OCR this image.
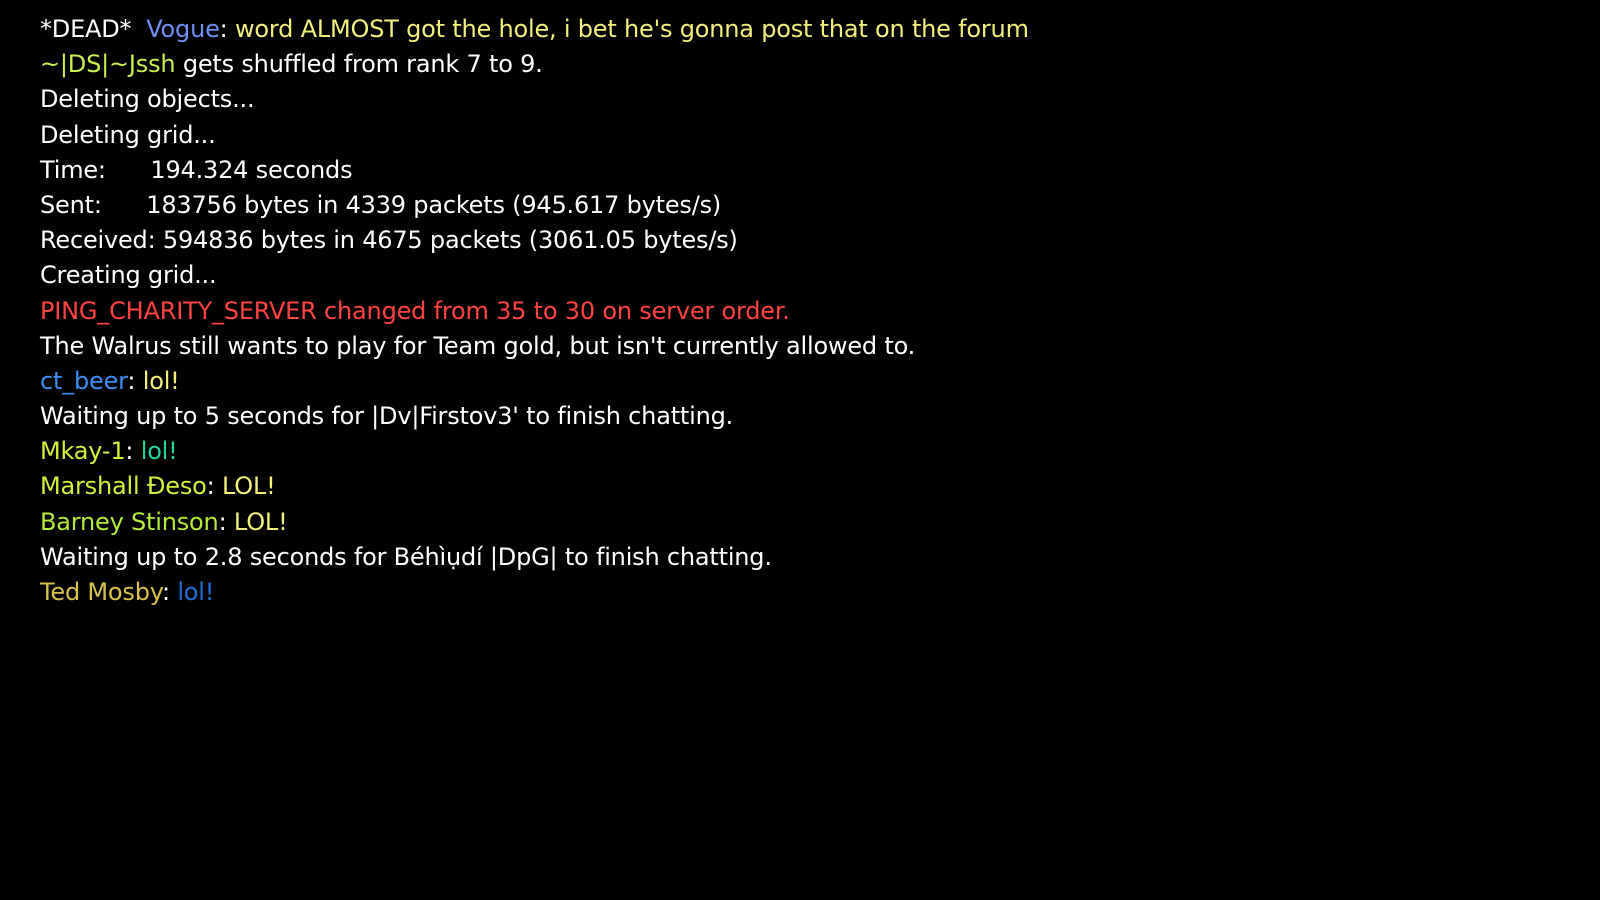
*DEAD*  Vogue: word ALMOST got the hole, i bet he's gonna post that on the forum
~|DS|~Jssh gets shuffled from rank 7 to 9.
Deleting objects...
Deleting grid...
Time:      194.324 seconds
Sent:      183756 bytes in 4339 packets (945.617 bytes/s)
Received: 594836 bytes in 4675 packets (3061.05 bytes/s)
Creating grid...
PING_CHARITY_SERVER changed from 35 to 30 on server order.
The Walrus still wants to play for Team gold, but isn't currently allowed to.
ct_beer: lol!
Waiting up to 5 seconds for |Dv|Firstov3' to finish chatting.
Mkay-1: lol!
Marshall Ðeso: LOL!
Barney Stinson: LOL!
Waiting up to 2.8 seconds for Béhìụdí |DpG| to finish chatting.
Ted Mosby: lol!
